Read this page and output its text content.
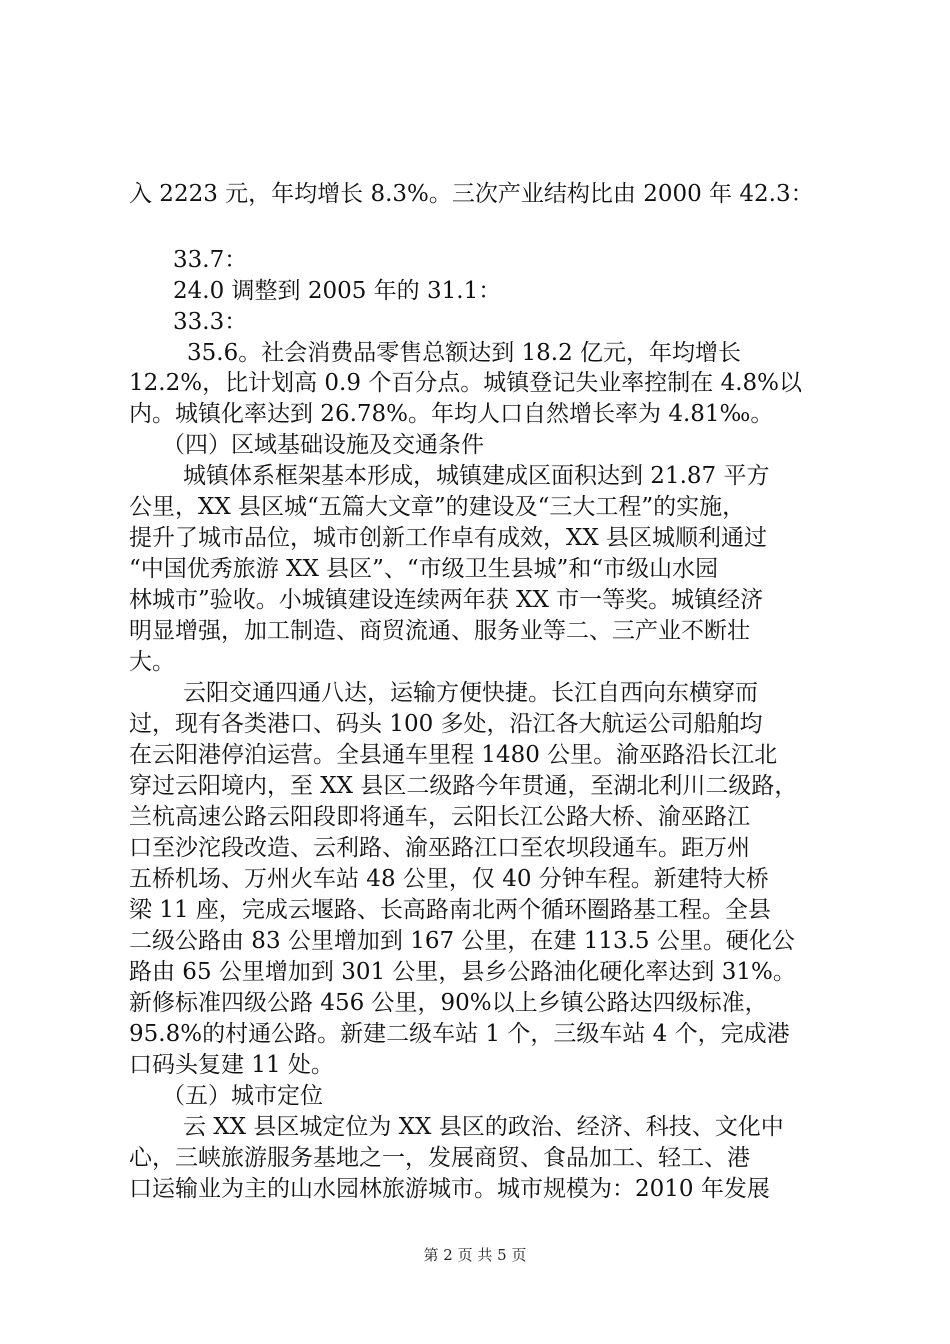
入 2223 元，年均增长 8.3%。三次产业结构比由 2000 年 42.3：
33.7：
24.0 调整到 2005 年的 31.1：
33.3：
35.6。社会消费品零售总额达到 18.2 亿元，年均增长
12.2%，比计划高 0.9 个百分点。城镇登记失业率控制在 4.8%以
内。城镇化率达到 26.78%。年均人口自然增长率为 4.81‰。
（四）区域基础设施及交通条件
城镇体系框架基本形成，城镇建成区面积达到 21.87 平方
公里，XX 县区城“五篇大文章”的建设及“三大工程”的实施，
提升了城市品位，城市创新工作卓有成效，XX 县区城顺利通过
“中国优秀旅游 XX 县区”、“市级卫生县城”和“市级山水园
林城市”验收。小城镇建设连续两年获 XX 市一等奖。城镇经济
明显增强，加工制造、商贸流通、服务业等二、三产业不断壮
大。
云阳交通四通八达，运输方便快捷。长江自西向东横穿而
过，现有各类港口、码头 100 多处，沿江各大航运公司船舶均
在云阳港停泊运营。全县通车里程 1480 公里。渝巫路沿长江北
穿过云阳境内，至 XX 县区二级路今年贯通，至湖北利川二级路，
兰杭高速公路云阳段即将通车，云阳长江公路大桥、渝巫路江
口至沙沱段改造、云利路、渝巫路江口至农坝段通车。距万州
五桥机场、万州火车站 48 公里，仅 40 分钟车程。新建特大桥
梁 11 座，完成云堰路、长高路南北两个循环圈路基工程。全县
二级公路由 83 公里增加到 167 公里，在建 113.5 公里。硬化公
路由 65 公里增加到 301 公里，县乡公路油化硬化率达到 31%。
新修标准四级公路 456 公里，90%以上乡镇公路达四级标准，
95.8%的村通公路。新建二级车站 1 个，三级车站 4 个，完成港
口码头复建 11 处。
（五）城市定位
云 XX 县区城定位为 XX 县区的政治、经济、科技、文化中
心，三峡旅游服务基地之一，发展商贸、食品加工、轻工、港
口运输业为主的山水园林旅游城市。城市规模为：2010 年发展
第 2 页 共 5 页
